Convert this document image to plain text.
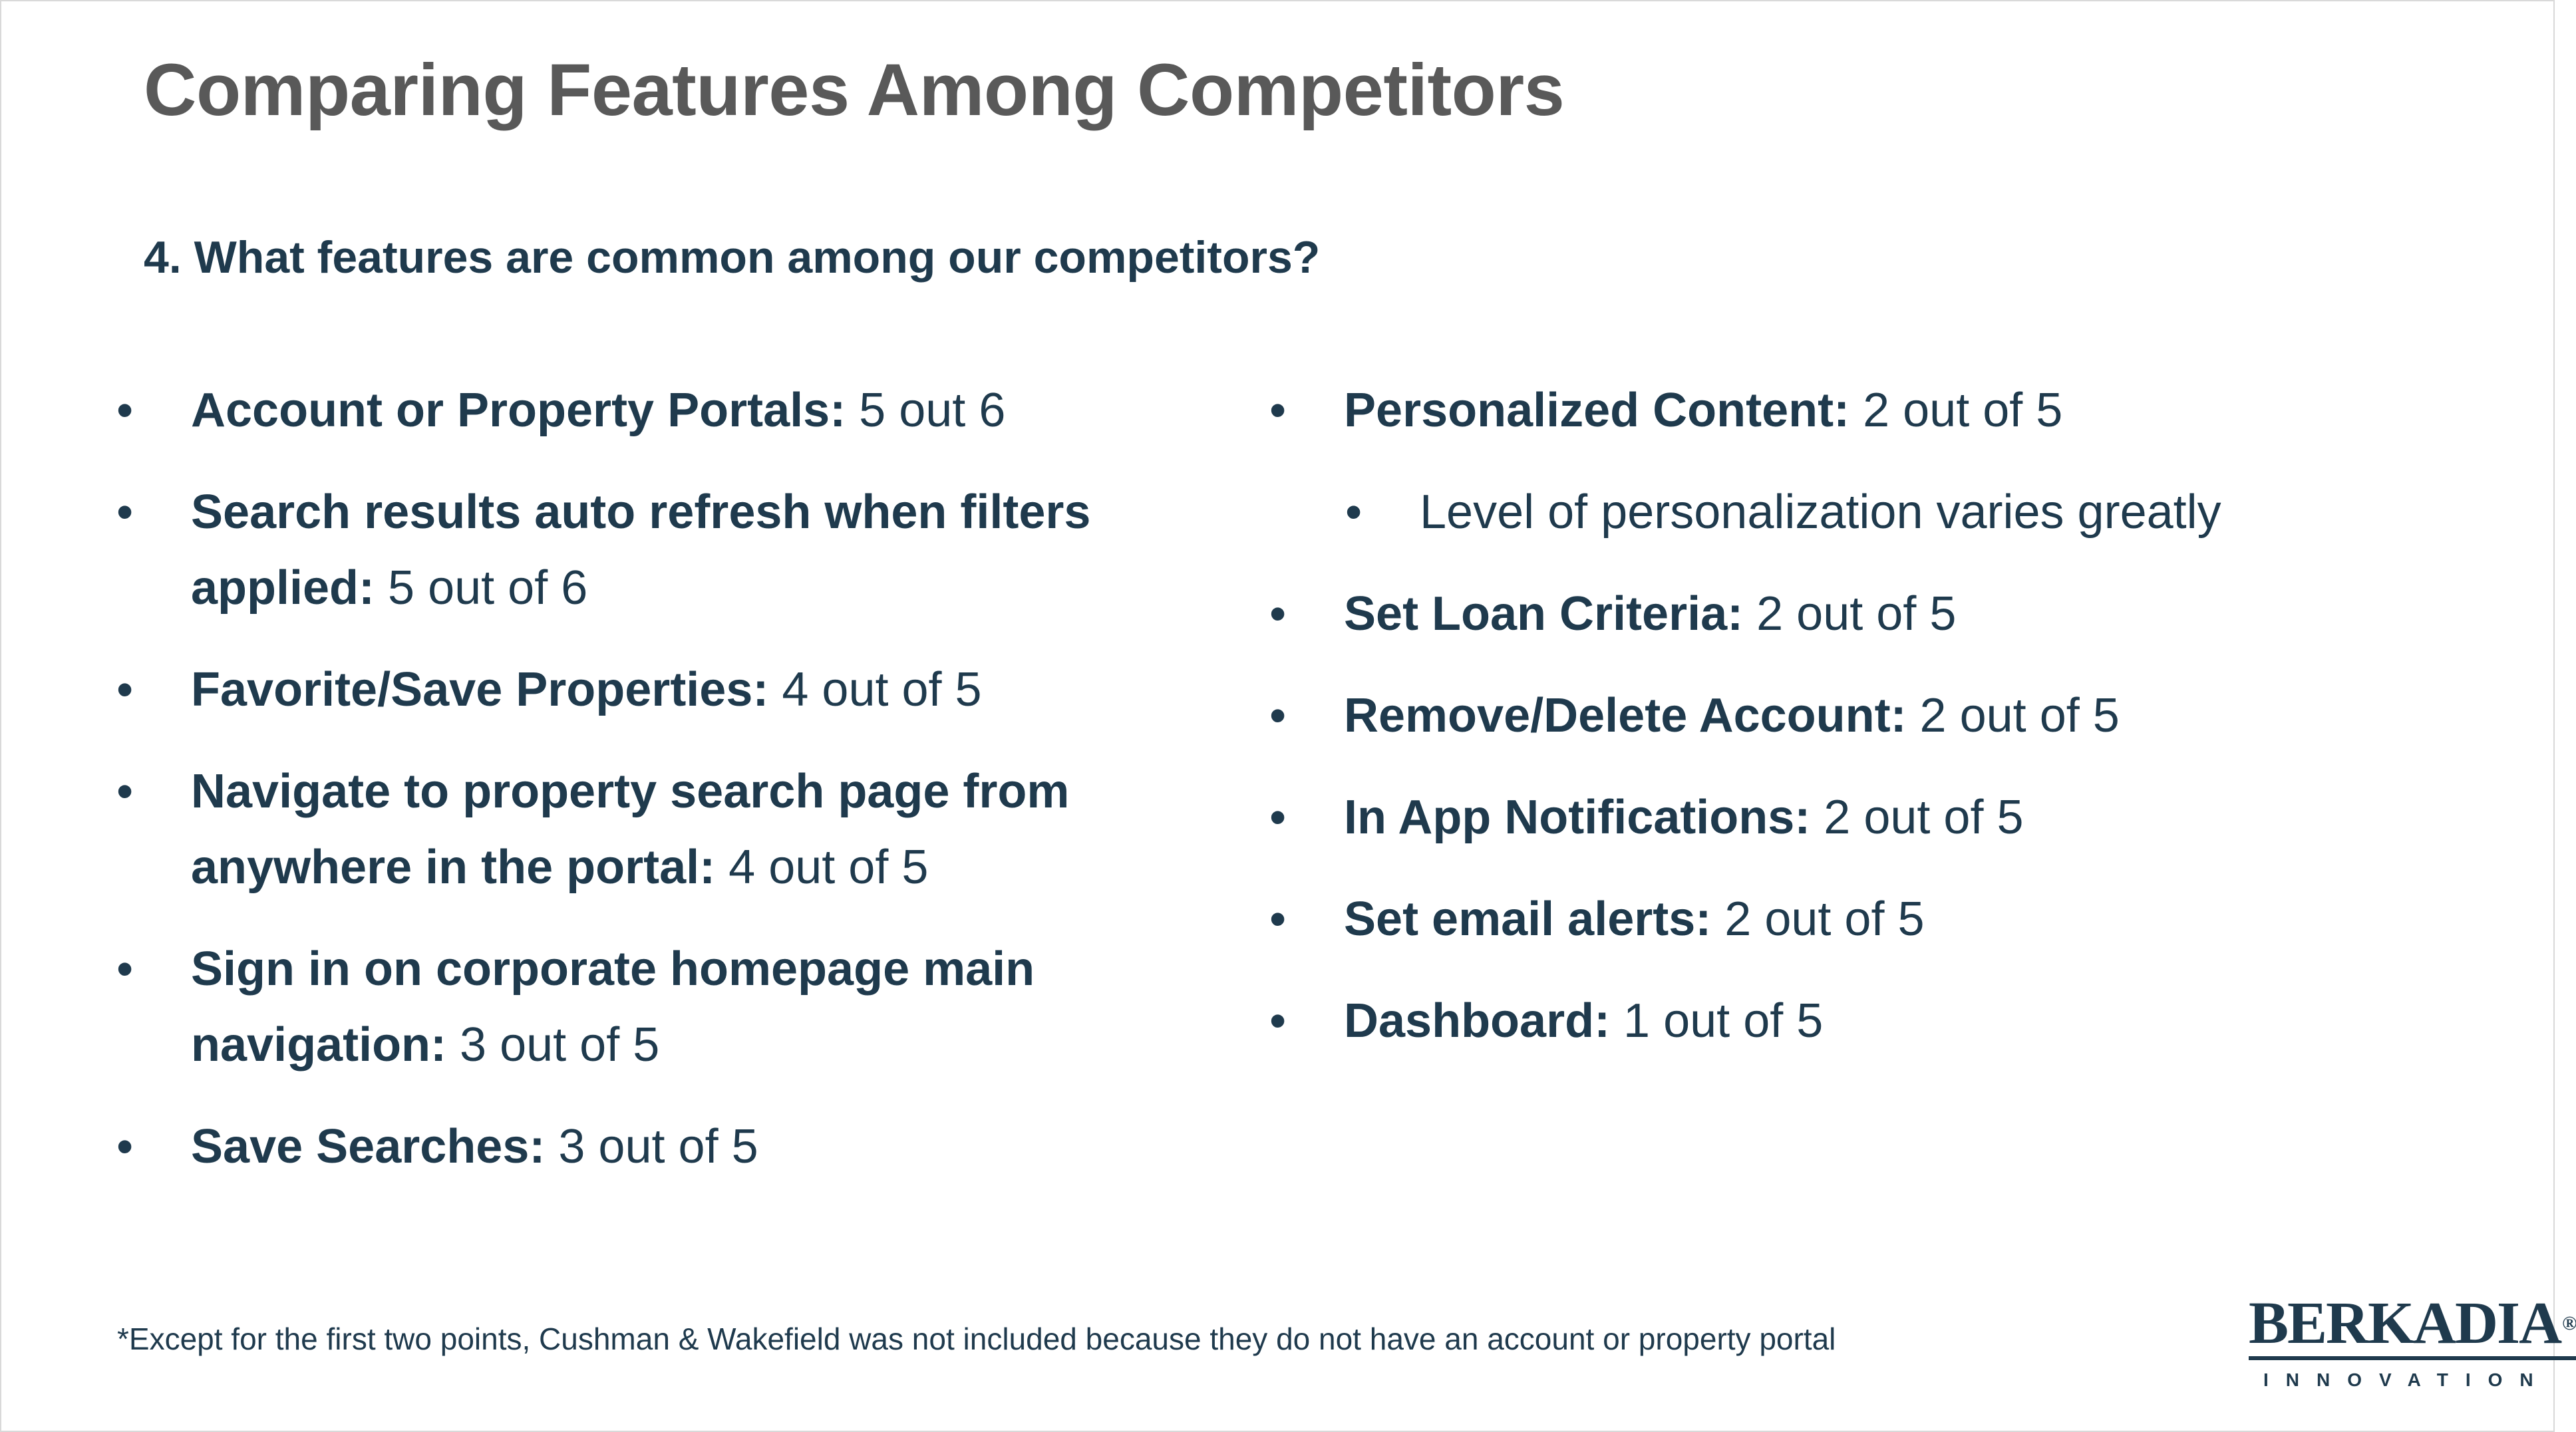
Comparing Features Among Competitors
4. What features are common among our competitors?
• Account or Property Portals: 5 out 6
• Search results auto refresh when filters applied: 5 out of 6
• Favorite/Save Properties: 4 out of 5
• Navigate to property search page from anywhere in the portal: 4 out of 5
• Sign in on corporate homepage main navigation: 3 out of 5
• Save Searches: 3 out of 5
• Personalized Content: 2 out of 5
• Level of personalization varies greatly
• Set Loan Criteria: 2 out of 5
• Remove/Delete Account: 2 out of 5
• In App Notifications: 2 out of 5
• Set email alerts: 2 out of 5
• Dashboard: 1 out of 5
*Except for the first two points, Cushman & Wakefield was not included because they do not have an account or property portal	BERKADIA®
INNOVATION
